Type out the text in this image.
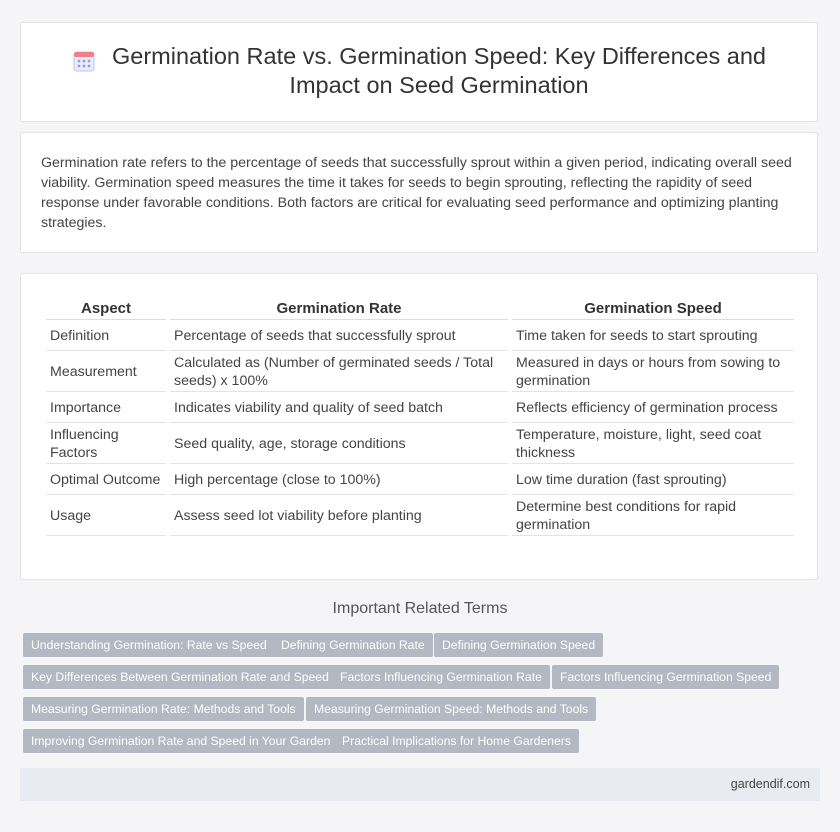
Germination Rate vs. Germination Speed: Key Differences and Impact on Seed Germination

Germination rate refers to the percentage of seeds that successfully sprout within a given period, indicating overall seed viability. Germination speed measures the time it takes for seeds to begin sprouting, reflecting the rapidity of seed response under favorable conditions. Both factors are critical for evaluating seed performance and optimizing planting strategies.

Aspect	Germination Rate	Germination Speed
Definition	Percentage of seeds that successfully sprout	Time taken for seeds to start sprouting
Measurement	Calculated as (Number of germinated seeds / Total seeds) x 100%	Measured in days or hours from sowing to germination
Importance	Indicates viability and quality of seed batch	Reflects efficiency of germination process
Influencing Factors	Seed quality, age, storage conditions	Temperature, moisture, light, seed coat thickness
Optimal Outcome	High percentage (close to 100%)	Low time duration (fast sprouting)
Usage	Assess seed lot viability before planting	Determine best conditions for rapid germination
Important Related Terms
Understanding Germination: Rate vs Speed	Defining Germination Rate	Defining Germination Speed
Key Differences Between Germination Rate and Speed Factors Influencing Germination Rate	Factors Influencing Germination Speed
Measuring Germination Rate: Methods and Tools	Measuring Germination Speed: Methods and Tools
Improving Germination Rate and Speed in Your Garden Practical Implications for Home Gardeners
gardendif.com
